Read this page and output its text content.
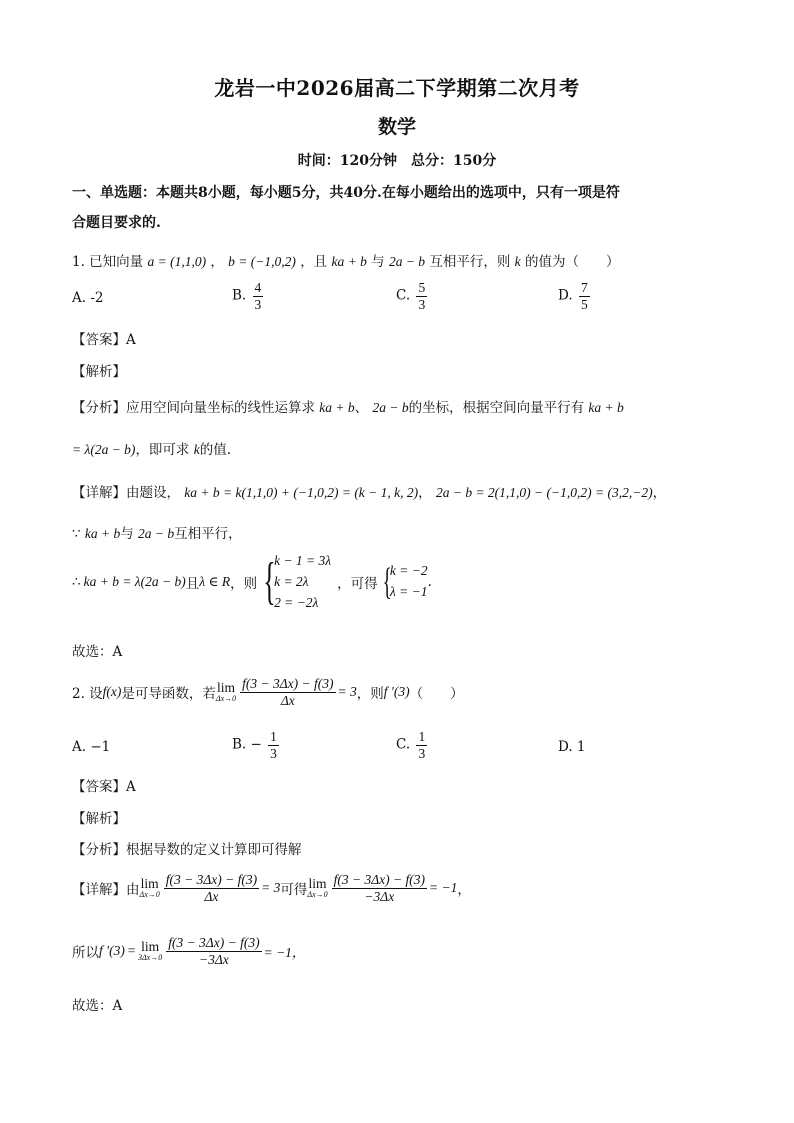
龙岩一中2026届高二下学期第二次月考
数学
时间：120分钟　总分：150分
一、单选题：本题共8小题，每小题5分，共40分.在每小题给出的选项中，只有一项是符
合题目要求的.
1. 已知向量 a = (1,1,0) ， b = (−1,0,2) ，且 ka + b 与 2a − b 互相平行，则 k 的值为（　　）
A. -2	B. $\frac{4}{3}$	C. $\frac{5}{3}$	D. $\frac{7}{5}$
【答案】A
【解析】
【分析】应用空间向量坐标的线性运算求 ka + b、 2a − b的坐标，根据空间向量平行有 ka + b
= λ(2a − b)，即可求 k的值.
【详解】由题设， ka + b = k(1,1,0) + (−1,0,2) = (k − 1, k, 2)， 2a − b = 2(1,1,0) − (−1,0,2) = (3,2,−2)，
∵ ka + b与 2a − b互相平行，
∴ ka + b = λ(2a − b) 且 λ ∈ R ，则 {
k − 1 = 3λ
k = 2λ
2 = −2λ
，可得 {
k = −2
λ = −1
.
故选：A
2. 设 f(x) 是可导函数，若 lim
$\Delta x\to 0 \frac{f(3 - 3\Delta x) - f(3)}{\Delta x} = 3$ ，则 f ′(3) （　　）
A. −1	B. − $\frac{1}{3}$	C. $\frac{1}{3}$	D. 1
【答案】A
【解析】
【分析】根据导数的定义计算即可得解
【详解】 由 lim
$\Delta x\to 0 \frac{f(3 - 3\Delta x) - f(3)}{\Delta x} = 3$ 可得 lim
$\Delta x\to 0 \frac{f(3 - 3\Delta x) - f(3)}{-3\Delta x} = -1$ ，
所以 f ′(3) = lim
$3\Delta x\to 0 \frac{f(3 - 3\Delta x) - f(3)}{-3\Delta x} = -1$，
故选：A
